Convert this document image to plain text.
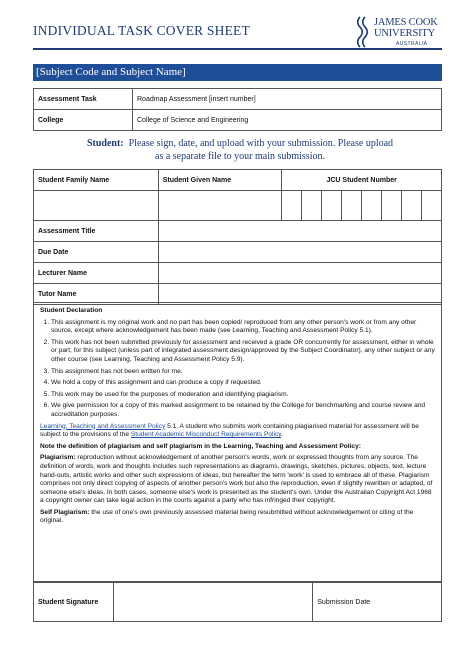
INDIVIDUAL TASK COVER SHEET
JAMES COOK
UNIVERSITY
AUSTRALIA
[Subject Code and Subject Name]
Assessment Task	Roadmap Assessment [insert number]
College	College of Science and Engineering
Student: Please sign, date, and upload with your submission. Please upload
as a separate file to your main submission.
Student Family Name	Student Given Name	JCU Student Number							

Assessment Title									
Due Date									
Lecturer Name									
Tutor Name									
Student Declaration
1. This assignment is my original work and no part has been copied/ reproduced from any other person's work or from any other source, except where acknowledgement has been made (see Learning, Teaching and Assessment Policy 5.1).
2. This work has not been submitted previously for assessment and received a grade OR concurrently for assessment, either in whole or part, for this subject (unless part of integrated assessment design/approved by the Subject Coordinator), any other subject or any other course (see Learning, Teaching and Assessment Policy 5.9).
3. This assignment has not been written for me.
4. We hold a copy of this assignment and can produce a copy if requested.
5. This work may be used for the purposes of moderation and identifying plagiarism.
6. We give permission for a copy of this marked assignment to be retained by the College for benchmarking and course review and accreditation purposes.

Learning, Teaching and Assessment Policy 5.1. A student who submits work containing plagiarised material for assessment will be subject to the provisions of the Student Academic Misconduct Requirements Policy.

Note the definition of plagiarism and self plagiarism in the Learning, Teaching and Assessment Policy:

Plagiarism: reproduction without acknowledgement of another person's words, work or expressed thoughts from any source. The definition of words, work and thoughts includes such representations as diagrams, drawings, sketches, pictures, objects, text, lecture hand-outs, artistic works and other such expressions of ideas, but hereafter the term 'work' is used to embrace all of these. Plagiarism comprises not only direct copying of aspects of another person's work but also the reproduction, even if slightly rewritten or adapted, of someone else's ideas. In both cases, someone else's work is presented as the student's own. Under the Australian Copyright Act 1968 a copyright owner can take legal action in the courts against a party who has infringed their copyright.

Self Plagiarism: the use of one's own previously assessed material being resubmitted without acknowledgement or citing of the original.

Student Signature		Submission Date
